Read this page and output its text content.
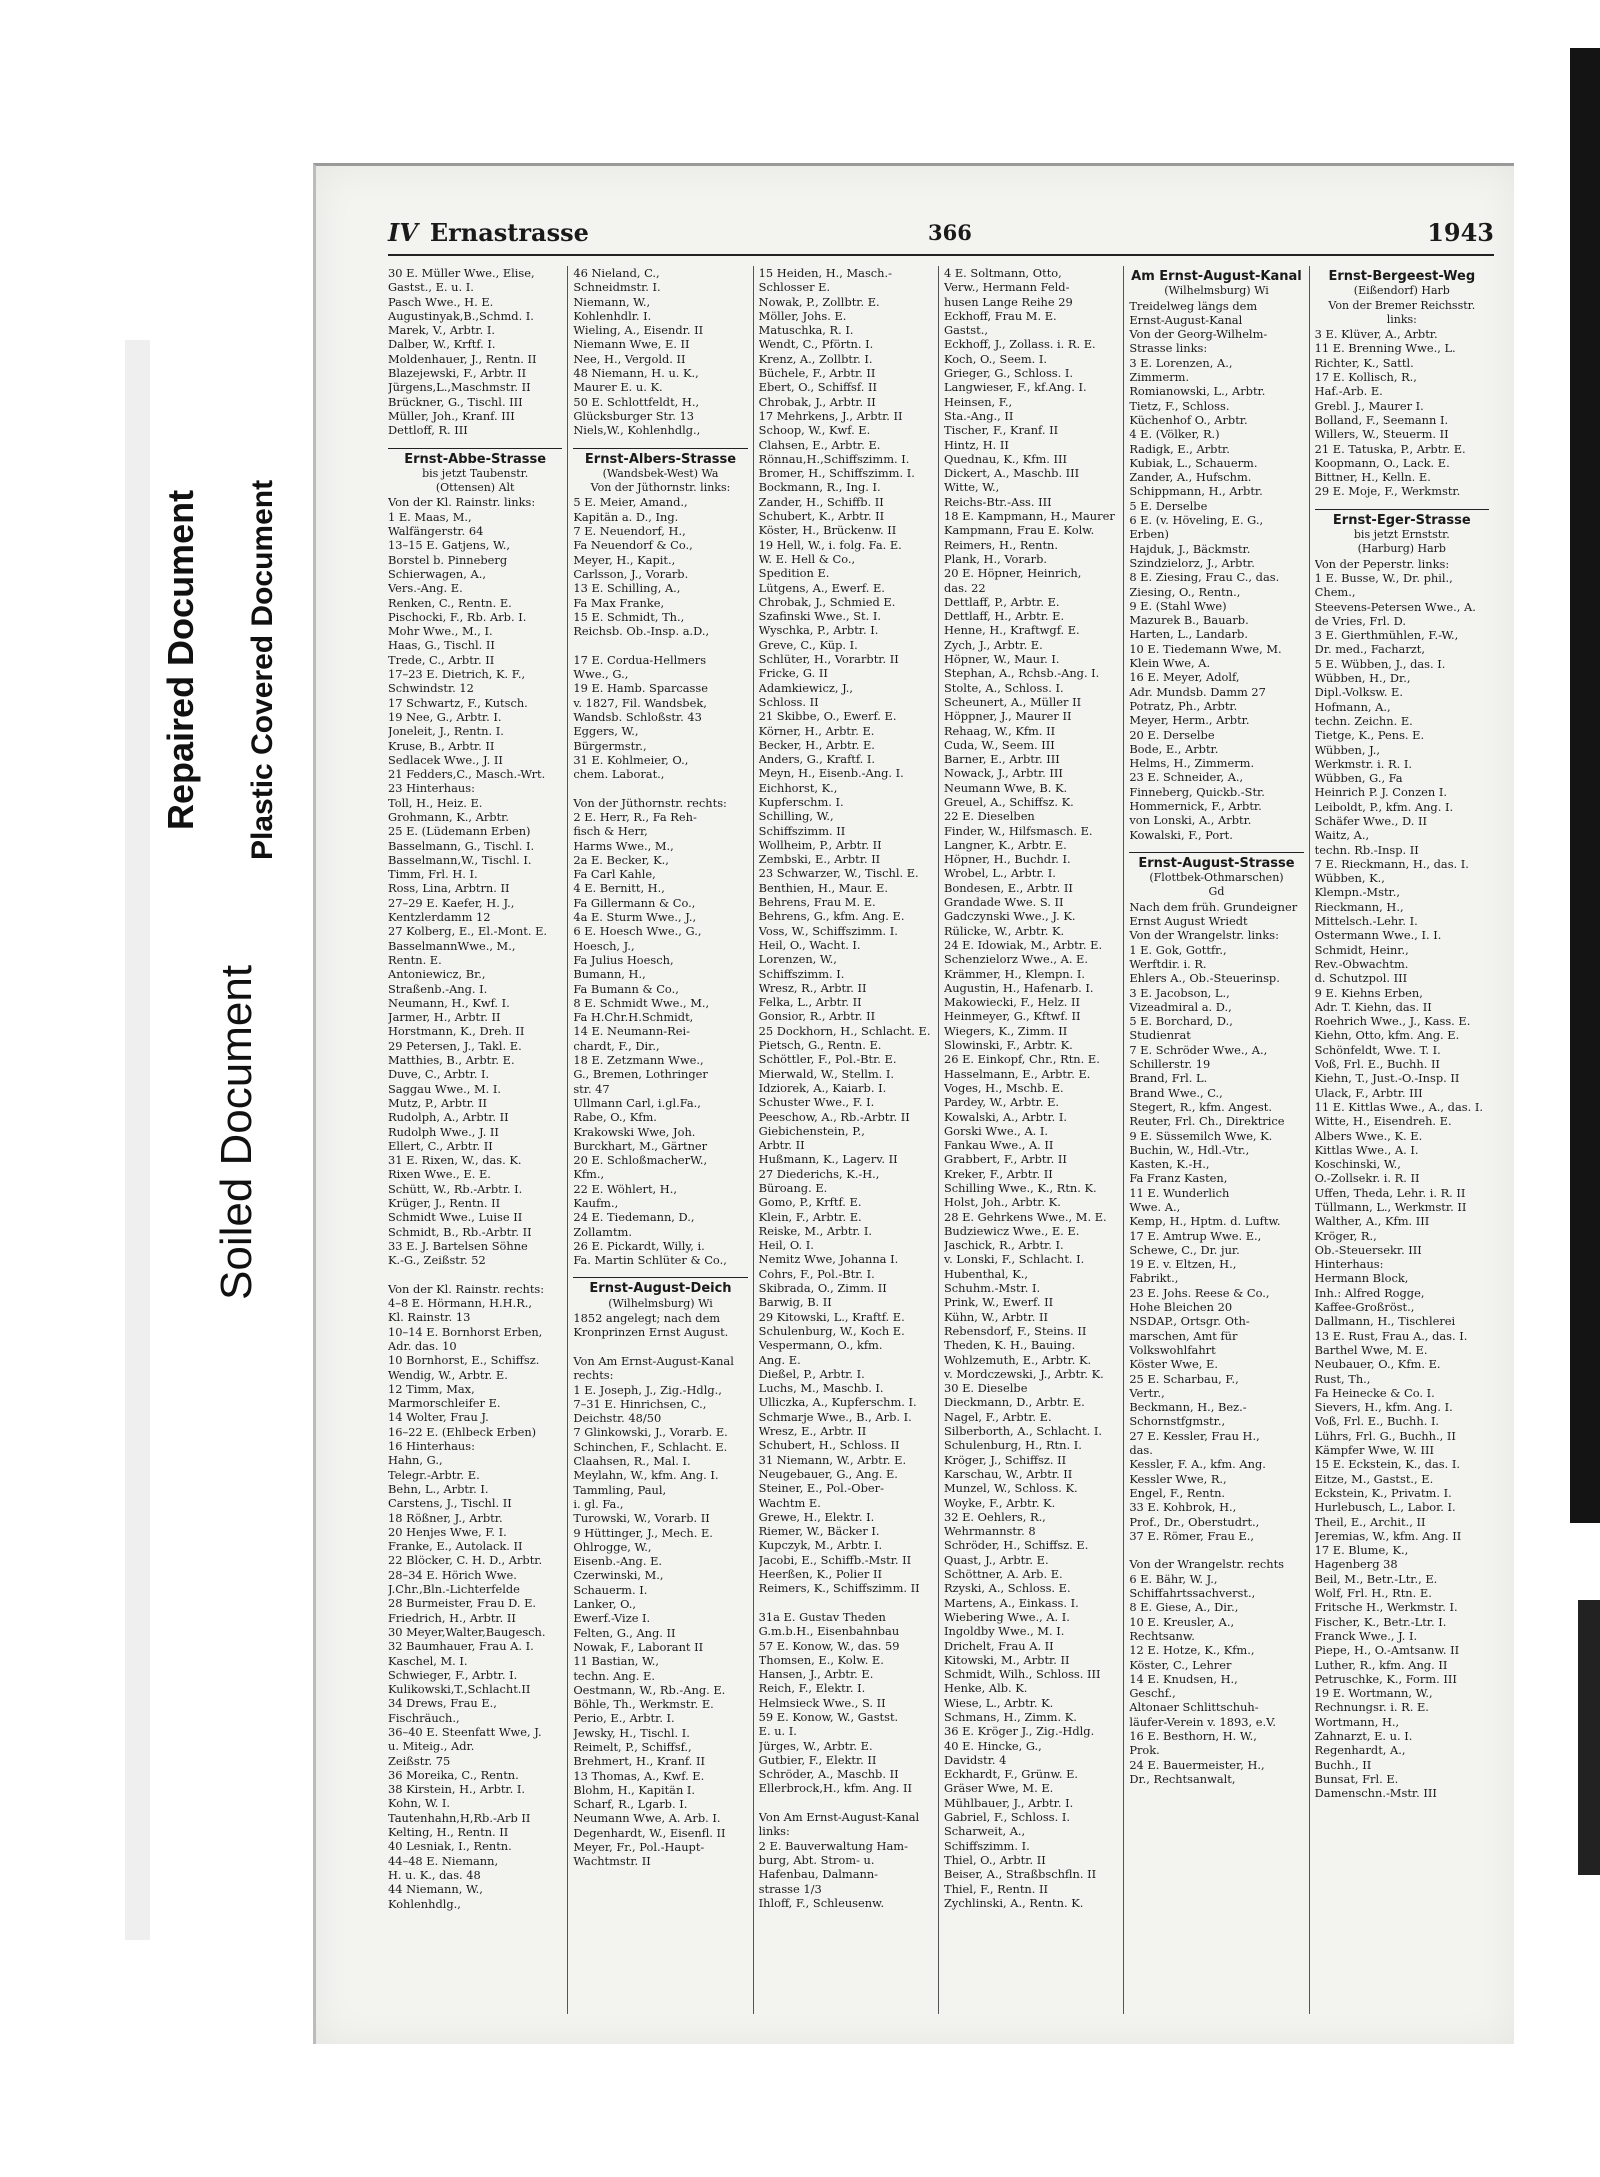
Repaired Document Plastic Covered Document
Soiled Document
IV Ernastrasse	366	1943
30 E. Müller Wwe., Elise,
Gastst., E. u. I.
Pasch Wwe., H. E.
Augustinyak,B.,Schmd. I.
Marek, V., Arbtr. I.
Dalber, W., Krftf. I.
Moldenhauer, J., Rentn. II
Blazejewski, F., Arbtr. II
Jürgens,L.,Maschmstr. II
Brückner, G., Tischl. III
Müller, Joh., Kranf. III
Dettloff, R. III
Ernst-Abbe-Strasse
bis jetzt Taubenstr.
(Ottensen) Alt
Von der Kl. Rainstr. links:
1 E. Maas, M.,
Walfängerstr. 64
13–15 E. Gatjens, W.,
Borstel b. Pinneberg
Schierwagen, A.,
Vers.-Ang. E.
Renken, C., Rentn. E.
Pischocki, F., Rb. Arb. I.
Mohr Wwe., M., I.
Haas, G., Tischl. II
Trede, C., Arbtr. II
17–23 E. Dietrich, K. F.,
Schwindstr. 12
17 Schwartz, F., Kutsch.
19 Nee, G., Arbtr. I.
Joneleit, J., Rentn. I.
Kruse, B., Arbtr. II
Sedlacek Wwe., J. II
21 Fedders,C., Masch.-Wrt.
23 Hinterhaus:
Toll, H., Heiz. E.
Grohmann, K., Arbtr.
25 E. (Lüdemann Erben)
Basselmann, G., Tischl. I.
Basselmann,W., Tischl. I.
Timm, Frl. H. I.
Ross, Lina, Arbtrn. II
27–29 E. Kaefer, H. J.,
Kentzlerdamm 12
27 Kolberg, E., El.-Mont. E.
BasselmannWwe., M.,
Rentn. E.
Antoniewicz, Br.,
Straßenb.-Ang. I.
Neumann, H., Kwf. I.
Jarmer, H., Arbtr. II
Horstmann, K., Dreh. II
29 Petersen, J., Takl. E.
Matthies, B., Arbtr. E.
Duve, C., Arbtr. I.
Saggau Wwe., M. I.
Mutz, P., Arbtr. II
Rudolph, A., Arbtr. II
Rudolph Wwe., J. II
Ellert, C., Arbtr. II
31 E. Rixen, W., das. K.
Rixen Wwe., E. E.
Schütt, W., Rb.-Arbtr. I.
Krüger, J., Rentn. II
Schmidt Wwe., Luise II
Schmidt, B., Rb.-Arbtr. II
33 E. J. Bartelsen Söhne
K.-G., Zeißstr. 52

Von der Kl. Rainstr. rechts:
4–8 E. Hörmann, H.H.R.,
Kl. Rainstr. 13
10–14 E. Bornhorst Erben,
Adr. das. 10
10 Bornhorst, E., Schiffsz.
Wendig, W., Arbtr. E.
12 Timm, Max,
Marmorschleifer E.
14 Wolter, Frau J.
16–22 E. (Ehlbeck Erben)
16 Hinterhaus:
Hahn, G.,
Telegr.-Arbtr. E.
Behn, L., Arbtr. I.
Carstens, J., Tischl. II
18 Rößner, J., Arbtr.
20 Henjes Wwe, F. I.
Franke, E., Autolack. II
22 Blöcker, C. H. D., Arbtr.
28–34 E. Hörich Wwe.
J.Chr.,Bln.-Lichterfelde
28 Burmeister, Frau D. E.
Friedrich, H., Arbtr. II
30 Meyer,Walter,Baugesch.
32 Baumhauer, Frau A. I.
Kaschel, M. I.
Schwieger, F., Arbtr. I.
Kulikowski,T.,Schlacht.II
34 Drews, Frau E.,
Fischräuch.,
36–40 E. Steenfatt Wwe, J.
u. Miteig., Adr.
Zeißstr. 75
36 Moreika, C., Rentn.
38 Kirstein, H., Arbtr. I.
Kohn, W. I.
Tautenhahn,H,Rb.-Arb II
Kelting, H., Rentn. II
40 Lesniak, I., Rentn.
44–48 E. Niemann,
H. u. K., das. 48
44 Niemann, W.,
Kohlenhdlg.,
46 Nieland, C.,
Schneidmstr. I.
Niemann, W.,
Kohlenhdlr. I.
Wieling, A., Eisendr. II
Niemann Wwe, E. II
Nee, H., Vergold. II
48 Niemann, H. u. K.,
Maurer E. u. K.
50 E. Schlottfeldt, H.,
Glücksburger Str. 13
Niels,W., Kohlenhdlg.,
Ernst-Albers-Strasse
(Wandsbek-West) Wa
Von der Jüthornstr. links:
5 E. Meier, Amand.,
Kapitän a. D., Ing.
7 E. Neuendorf, H.,
Fa Neuendorf & Co.,
Meyer, H., Kapit.,
Carlsson, J., Vorarb.
13 E. Schilling, A.,
Fa Max Franke,
15 E. Schmidt, Th.,
Reichsb. Ob.-Insp. a.D.,

17 E. Cordua-Hellmers
Wwe., G.,
19 E. Hamb. Sparcasse
v. 1827, Fil. Wandsbek,
Wandsb. Schloßstr. 43
Eggers, W.,
Bürgermstr.,
31 E. Kohlmeier, O.,
chem. Laborat.,

Von der Jüthornstr. rechts:
2 E. Herr, R., Fa Reh-
fisch & Herr,
Harms Wwe., M.,
2a E. Becker, K.,
Fa Carl Kahle,
4 E. Bernitt, H.,
Fa Gillermann & Co.,
4a E. Sturm Wwe., J.,
6 E. Hoesch Wwe., G.,
Hoesch, J.,
Fa Julius Hoesch,
Bumann, H.,
Fa Bumann & Co.,
8 E. Schmidt Wwe., M.,
Fa H.Chr.H.Schmidt,
14 E. Neumann-Rei-
chardt, F., Dir.,
18 E. Zetzmann Wwe.,
G., Bremen, Lothringer
str. 47
Ullmann Carl, i.gl.Fa.,
Rabe, O., Kfm.
Krakowski Wwe, Joh.
Burckhart, M., Gärtner
20 E. SchloßmacherW.,
Kfm.,
22 E. Wöhlert, H.,
Kaufm.,
24 E. Tiedemann, D.,
Zollamtm.
26 E. Pickardt, Willy, i.
Fa. Martin Schlüter & Co.,
Ernst-August-Deich
(Wilhelmsburg) Wi
1852 angelegt; nach dem
Kronprinzen Ernst August.

Von Am Ernst-August-Kanal
rechts:
1 E. Joseph, J., Zig.-Hdlg.,
7–31 E. Hinrichsen, C.,
Deichstr. 48/50
7 Glinkowski, J., Vorarb. E.
Schinchen, F., Schlacht. E.
Claahsen, R., Mal. I.
Meylahn, W., kfm. Ang. I.
Tammling, Paul,
i. gl. Fa.,
Turowski, W., Vorarb. II
9 Hüttinger, J., Mech. E.
Ohlrogge, W.,
Eisenb.-Ang. E.
Czerwinski, M.,
Schauerm. I.
Lanker, O.,
Ewerf.-Vize I.
Felten, G., Ang. II
Nowak, F., Laborant II
11 Bastian, W.,
techn. Ang. E.
Oestmann, W., Rb.-Ang. E.
Böhle, Th., Werkmstr. E.
Perio, E., Arbtr. I.
Jewsky, H., Tischl. I.
Reimelt, P., Schiffsf.,
Brehmert, H., Kranf. II
13 Thomas, A., Kwf. E.
Blohm, H., Kapitän I.
Scharf, R., Lgarb. I.
Neumann Wwe, A. Arb. I.
Degenhardt, W., Eisenfl. II
Meyer, Fr., Pol.-Haupt-
Wachtmstr. II
15 Heiden, H., Masch.-
Schlosser E.
Nowak, P., Zollbtr. E.
Möller, Johs. E.
Matuschka, R. I.
Wendt, C., Pförtn. I.
Krenz, A., Zollbtr. I.
Büchele, F., Arbtr. II
Ebert, O., Schiffsf. II
Chrobak, J., Arbtr. II
17 Mehrkens, J., Arbtr. II
Schoop, W., Kwf. E.
Clahsen, E., Arbtr. E.
Rönnau,H.,Schiffszimm. I.
Bromer, H., Schiffszimm. I.
Bockmann, R., Ing. I.
Zander, H., Schiffb. II
Schubert, K., Arbtr. II
Köster, H., Brückenw. II
19 Hell, W., i. folg. Fa. E.
W. E. Hell & Co.,
Spedition E.
Lütgens, A., Ewerf. E.
Chrobak, J., Schmied E.
Szafinski Wwe., St. I.
Wyschka, P., Arbtr. I.
Greve, C., Küp. I.
Schlüter, H., Vorarbtr. II
Fricke, G. II
Adamkiewicz, J.,
Schloss. II
21 Skibbe, O., Ewerf. E.
Körner, H., Arbtr. E.
Becker, H., Arbtr. E.
Anders, G., Kraftf. I.
Meyn, H., Eisenb.-Ang. I.
Eichhorst, K.,
Kupferschm. I.
Schilling, W.,
Schiffszimm. II
Wollheim, P., Arbtr. II
Zembski, E., Arbtr. II
23 Schwarzer, W., Tischl. E.
Benthien, H., Maur. E.
Behrens, Frau M. E.
Behrens, G., kfm. Ang. E.
Voss, W., Schiffszimm. I.
Heil, O., Wacht. I.
Lorenzen, W.,
Schiffszimm. I.
Wresz, R., Arbtr. II
Felka, L., Arbtr. II
Gonsior, R., Arbtr. II
25 Dockhorn, H., Schlacht. E.
Pietsch, G., Rentn. E.
Schöttler, F., Pol.-Btr. E.
Mierwald, W., Stellm. I.
Idziorek, A., Kaiarb. I.
Schuster Wwe., F. I.
Peeschow, A., Rb.-Arbtr. II
Giebichenstein, P.,
Arbtr. II
Hußmann, K., Lagerv. II
27 Diederichs, K.-H.,
Büroang. E.
Gomo, P., Krftf. E.
Klein, F., Arbtr. E.
Reiske, M., Arbtr. I.
Heil, O. I.
Nemitz Wwe, Johanna I.
Cohrs, F., Pol.-Btr. I.
Skibrada, O., Zimm. II
Barwig, B. II
29 Kitowski, L., Kraftf. E.
Schulenburg, W., Koch E.
Vespermann, O., kfm.
Ang. E.
Dießel, P., Arbtr. I.
Luchs, M., Maschb. I.
Ulliczka, A., Kupferschm. I.
Schmarje Wwe., B., Arb. I.
Wresz, E., Arbtr. II
Schubert, H., Schloss. II
31 Niemann, W., Arbtr. E.
Neugebauer, G., Ang. E.
Steiner, E., Pol.-Ober-
Wachtm E.
Grewe, H., Elektr. I.
Riemer, W., Bäcker I.
Kupczyk, M., Arbtr. I.
Jacobi, E., Schiffb.-Mstr. II
Heerßen, K., Polier II
Reimers, K., Schiffszimm. II

31a E. Gustav Theden
G.m.b.H., Eisenbahnbau
57 E. Konow, W., das. 59
Thomsen, E., Kolw. E.
Hansen, J., Arbtr. E.
Reich, F., Elektr. I.
Helmsieck Wwe., S. II
59 E. Konow, W., Gastst.
E. u. I.
Jürges, W., Arbtr. E.
Gutbier, F., Elektr. II
Schröder, A., Maschb. II
Ellerbrock,H., kfm. Ang. II

Von Am Ernst-August-Kanal
links:
2 E. Bauverwaltung Ham-
burg, Abt. Strom- u.
Hafenbau, Dalmann-
strasse 1/3
Ihloff, F., Schleusenw.
4 E. Soltmann, Otto,
Verw., Hermann Feld-
husen Lange Reihe 29
Eckhoff, Frau M. E.
Gastst.,
Eckhoff, J., Zollass. i. R. E.
Koch, O., Seem. I.
Grieger, G., Schloss. I.
Langwieser, F., kf.Ang. I.
Heinsen, F.,
Sta.-Ang., II
Tischer, F., Kranf. II
Hintz, H. II
Quednau, K., Kfm. III
Dickert, A., Maschb. III
Witte, W.,
Reichs-Btr.-Ass. III
18 E. Kampmann, H., Maurer
Kampmann, Frau E. Kolw.
Reimers, H., Rentn.
Plank, H., Vorarb.
20 E. Höpner, Heinrich,
das. 22
Dettlaff, P., Arbtr. E.
Dettlaff, H., Arbtr. E.
Henne, H., Kraftwgf. E.
Zych, J., Arbtr. E.
Höpner, W., Maur. I.
Stephan, A., Rchsb.-Ang. I.
Stolte, A., Schloss. I.
Scheunert, A., Müller II
Höppner, J., Maurer II
Rehaag, W., Kfm. II
Cuda, W., Seem. III
Barner, E., Arbtr. III
Nowack, J., Arbtr. III
Neumann Wwe, B. K.
Greuel, A., Schiffsz. K.
22 E. Dieselben
Finder, W., Hilfsmasch. E.
Langner, K., Arbtr. E.
Höpner, H., Buchdr. I.
Wrobel, L., Arbtr. I.
Bondesen, E., Arbtr. II
Grandade Wwe. S. II
Gadczynski Wwe., J. K.
Rülicke, W., Arbtr. K.
24 E. Idowiak, M., Arbtr. E.
Schenzielorz Wwe., A. E.
Krämmer, H., Klempn. I.
Augustin, H., Hafenarb. I.
Makowiecki, F., Helz. II
Heinmeyer, G., Kftwf. II
Wiegers, K., Zimm. II
Slowinski, F., Arbtr. K.
26 E. Einkopf, Chr., Rtn. E.
Hasselmann, E., Arbtr. E.
Voges, H., Mschb. E.
Pardey, W., Arbtr. E.
Kowalski, A., Arbtr. I.
Gorski Wwe., A. I.
Fankau Wwe., A. II
Grabbert, F., Arbtr. II
Kreker, F., Arbtr. II
Schilling Wwe., K., Rtn. K.
Holst, Joh., Arbtr. K.
28 E. Gehrkens Wwe., M. E.
Budziewicz Wwe., E. E.
Jaschick, R., Arbtr. I.
v. Lonski, F., Schlacht. I.
Hubenthal, K.,
Schuhm.-Mstr. I.
Prink, W., Ewerf. II
Kühn, W., Arbtr. II
Rebensdorf, F., Steins. II
Theden, K. H., Bauing.
Wohlzemuth, E., Arbtr. K.
v. Mordczewski, J., Arbtr. K.
30 E. Dieselbe
Dieckmann, D., Arbtr. E.
Nagel, F., Arbtr. E.
Silberborth, A., Schlacht. I.
Schulenburg, H., Rtn. I.
Kröger, J., Schiffsz. II
Karschau, W., Arbtr. II
Munzel, W., Schloss. K.
Woyke, F., Arbtr. K.
32 E. Oehlers, R.,
Wehrmannstr. 8
Schröder, H., Schiffsz. E.
Quast, J., Arbtr. E.
Schöttner, A. Arb. E.
Rzyski, A., Schloss. E.
Martens, A., Einkass. I.
Wiebering Wwe., A. I.
Ingoldby Wwe., M. I.
Drichelt, Frau A. II
Kitowski, M., Arbtr. II
Schmidt, Wilh., Schloss. III
Henke, Alb. K.
Wiese, L., Arbtr. K.
Schmans, H., Zimm. K.
36 E. Kröger J., Zig.-Hdlg.
40 E. Hincke, G.,
Davidstr. 4
Eckhardt, F., Grünw. E.
Gräser Wwe, M. E.
Mühlbauer, J., Arbtr. I.
Gabriel, F., Schloss. I.
Scharweit, A.,
Schiffszimm. I.
Thiel, O., Arbtr. II
Beiser, A., Straßbschfln. II
Thiel, F., Rentn. II
Zychlinski, A., Rentn. K.
Am Ernst-August-Kanal
(Wilhelmsburg) Wi
Treidelweg längs dem
Ernst-August-Kanal
Von der Georg-Wilhelm-
Strasse links:
3 E. Lorenzen, A.,
Zimmerm.
Romianowski, L., Arbtr.
Tietz, F., Schloss.
Küchenhof O., Arbtr.
4 E. (Völker, R.)
Radigk, E., Arbtr.
Kubiak, L., Schauerm.
Zander, A., Hufschm.
Schippmann, H., Arbtr.
5 E. Derselbe
6 E. (v. Höveling, E. G.,
Erben)
Hajduk, J., Bäckmstr.
Szindzielorz, J., Arbtr.
8 E. Ziesing, Frau C., das.
Ziesing, O., Rentn.,
9 E. (Stahl Wwe)
Mazurek B., Bauarb.
Harten, L., Landarb.
10 E. Tiedemann Wwe, M.
Klein Wwe, A.
16 E. Meyer, Adolf,
Adr. Mundsb. Damm 27
Potratz, Ph., Arbtr.
Meyer, Herm., Arbtr.
20 E. Derselbe
Bode, E., Arbtr.
Helms, H., Zimmerm.
23 E. Schneider, A.,
Finneberg, Quickb.-Str.
Hommernick, F., Arbtr.
von Lonski, A., Arbtr.
Kowalski, F., Port.
Ernst-August-Strasse
(Flottbek-Othmarschen)
Gd
Nach dem früh. Grundeigner
Ernst August Wriedt
Von der Wrangelstr. links:
1 E. Gok, Gottfr.,
Werftdir. i. R.
Ehlers A., Ob.-Steuerinsp.
3 E. Jacobson, L.,
Vizeadmiral a. D.,
5 E. Borchard, D.,
Studienrat
7 E. Schröder Wwe., A.,
Schillerstr. 19
Brand, Frl. L.
Brand Wwe., C.,
Stegert, R., kfm. Angest.
Reuter, Frl. Ch., Direktrice
9 E. Süssemilch Wwe, K.
Buchin, W., Hdl.-Vtr.,
Kasten, K.-H.,
Fa Franz Kasten,
11 E. Wunderlich
Wwe. A.,
Kemp, H., Hptm. d. Luftw.
17 E. Amtrup Wwe. E.,
Schewe, C., Dr. jur.
19 E. v. Eltzen, H.,
Fabrikt.,
23 E. Johs. Reese & Co.,
Hohe Bleichen 20
NSDAP., Ortsgr. Oth-
marschen, Amt für
Volkswohlfahrt
Köster Wwe, E.
25 E. Scharbau, F.,
Vertr.,
Beckmann, H., Bez.-
Schornstfgmstr.,
27 E. Kessler, Frau H.,
das.
Kessler, F. A., kfm. Ang.
Kessler Wwe, R.,
Engel, F., Rentn.
33 E. Kohbrok, H.,
Prof., Dr., Oberstudrt.,
37 E. Römer, Frau E.,

Von der Wrangelstr. rechts
6 E. Bähr, W. J.,
Schiffahrtssachverst.,
8 E. Giese, A., Dir.,
10 E. Kreusler, A.,
Rechtsanw.
12 E. Hotze, K., Kfm.,
Köster, C., Lehrer
14 E. Knudsen, H.,
Geschf.,
Altonaer Schlittschuh-
läufer-Verein v. 1893, e.V.
16 E. Besthorn, H. W.,
Prok.
24 E. Bauermeister, H.,
Dr., Rechtsanwalt,
Ernst-Bergeest-Weg
(Eißendorf) Harb
Von der Bremer Reichsstr.
links:
3 E. Klüver, A., Arbtr.
11 E. Brenning Wwe., L.
Richter, K., Sattl.
17 E. Kollisch, R.,
Haf.-Arb. E.
Grebl. J., Maurer I.
Bolland, F., Seemann I.
Willers, W., Steuerm. II
21 E. Tatuska, P., Arbtr. E.
Koopmann, O., Lack. E.
Bittner, H., Kelln. E.
29 E. Moje, F., Werkmstr.
Ernst-Eger-Strasse
bis jetzt Ernststr.
(Harburg) Harb
Von der Peperstr. links:
1 E. Busse, W., Dr. phil.,
Chem.,
Steevens-Petersen Wwe., A.
de Vries, Frl. D.
3 E. Gierthmühlen, F.-W.,
Dr. med., Facharzt,
5 E. Wübben, J., das. I.
Wübben, H., Dr.,
Dipl.-Volksw. E.
Hofmann, A.,
techn. Zeichn. E.
Tietge, K., Pens. E.
Wübben, J.,
Werkmstr. i. R. I.
Wübben, G., Fa
Heinrich P. J. Conzen I.
Leiboldt, P., kfm. Ang. I.
Schäfer Wwe., D. II
Waitz, A.,
techn. Rb.-Insp. II
7 E. Rieckmann, H., das. I.
Wübben, K.,
Klempn.-Mstr.,
Rieckmann, H.,
Mittelsch.-Lehr. I.
Ostermann Wwe., I. I.
Schmidt, Heinr.,
Rev.-Obwachtm.
d. Schutzpol. III
9 E. Kiehns Erben,
Adr. T. Kiehn, das. II
Roehrich Wwe., J., Kass. E.
Kiehn, Otto, kfm. Ang. E.
Schönfeldt, Wwe. T. I.
Voß, Frl. E., Buchh. II
Kiehn, T., Just.-O.-Insp. II
Ulack, F., Arbtr. III
11 E. Kittlas Wwe., A., das. I.
Witte, H., Eisendreh. E.
Albers Wwe., K. E.
Kittlas Wwe., A. I.
Koschinski, W.,
O.-Zollsekr. i. R. II
Uffen, Theda, Lehr. i. R. II
Tüllmann, L., Werkmstr. II
Walther, A., Kfm. III
Kröger, R.,
Ob.-Steuersekr. III
Hinterhaus:
Hermann Block,
Inh.: Alfred Rogge,
Kaffee-Großröst.,
Dallmann, H., Tischlerei
13 E. Rust, Frau A., das. I.
Barthel Wwe, M. E.
Neubauer, O., Kfm. E.
Rust, Th.,
Fa Heinecke & Co. I.
Sievers, H., kfm. Ang. I.
Voß, Frl. E., Buchh. I.
Lührs, Frl. G., Buchh., II
Kämpfer Wwe, W. III
15 E. Eckstein, K., das. I.
Eitze, M., Gastst., E.
Eckstein, K., Privatm. I.
Hurlebusch, L., Labor. I.
Theil, E., Archit., II
Jeremias, W., kfm. Ang. II
17 E. Blume, K.,
Hagenberg 38
Beil, M., Betr.-Ltr., E.
Wolf, Frl. H., Rtn. E.
Fritsche H., Werkmstr. I.
Fischer, K., Betr.-Ltr. I.
Franck Wwe., J. I.
Piepe, H., O.-Amtsanw. II
Luther, R., kfm. Ang. II
Petruschke, K., Form. III
19 E. Wortmann, W.,
Rechnungsr. i. R. E.
Wortmann, H.,
Zahnarzt, E. u. I.
Regenhardt, A.,
Buchh., II
Bunsat, Frl. E.
Damenschn.-Mstr. III
